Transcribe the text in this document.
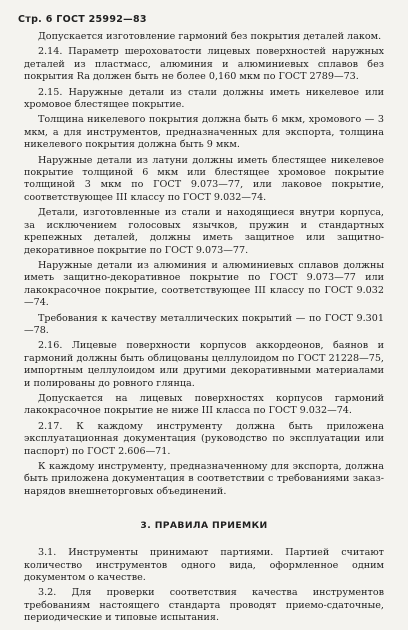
Стр. 6 ГОСТ 25992—83

Допускается изготовление гармоний без покрытия деталей лаком.

2.14. Параметр шероховатости лицевых поверхностей наружных деталей из пластмасс, алюминия и алюминиевых сплавов без покрытия Ra должен быть не более 0,160 мкм по ГОСТ 2789—73.

2.15. Наружные детали из стали должны иметь никелевое или хромовое блестящее покрытие.

Толщина никелевого покрытия должна быть 6 мкм, хромового — 3 мкм, а для инструментов, предназначенных для экспорта, толщина никелевого покрытия должна быть 9 мкм.

Наружные детали из латуни должны иметь блестящее никелевое покрытие толщиной 6 мкм или блестящее хромовое покрытие толщиной 3 мкм по ГОСТ 9.073—77, или лаковое покрытие, соответствующее III классу по ГОСТ 9.032—74.

Детали, изготовленные из стали и находящиеся внутри корпуса, за исключением голосовых язычков, пружин и стандартных крепежных деталей, должны иметь защитное или защитно-декоративное покрытие по ГОСТ 9.073—77.

Наружные детали из алюминия и алюминиевых сплавов должны иметь защитно-декоративное покрытие по ГОСТ 9.073—77 или лакокрасочное покрытие, соответствующее III классу по ГОСТ 9.032—74.

Требования к качеству металлических покрытий — по ГОСТ 9.301—78.

2.16. Лицевые поверхности корпусов аккордеонов, баянов и гармоний должны быть облицованы целлулоидом по ГОСТ 21228—75, импортным целлулоидом или другими декоративными материалами и полированы до ровного глянца.

Допускается на лицевых поверхностях корпусов гармоний лакокрасочное покрытие не ниже III класса по ГОСТ 9.032—74.

2.17. К каждому инструменту должна быть приложена эксплуатационная документация (руководство по эксплуатации или паспорт) по ГОСТ 2.606—71.

К каждому инструменту, предназначенному для экспорта, должна быть приложена документация в соответствии с требованиями заказ-нарядов внешнеторговых объединений.

3. ПРАВИЛА ПРИЕМКИ

3.1. Инструменты принимают партиями. Партией считают количество инструментов одного вида, оформленное одним документом о качестве.

3.2. Для проверки соответствия качества инструментов требованиям настоящего стандарта проводят приемо-сдаточные, периодические и типовые испытания.
